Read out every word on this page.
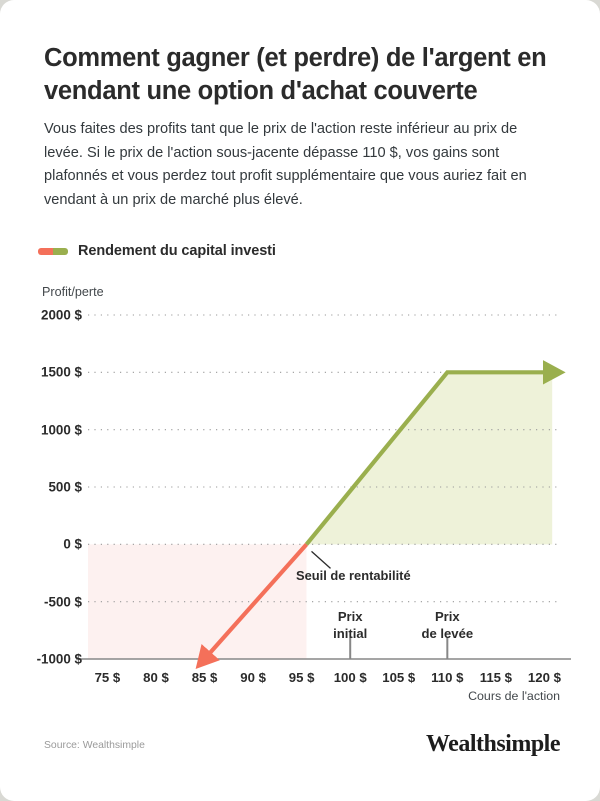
Comment gagner (et perdre) de l'argent en vendant une option d'achat couverte
Vous faites des profits tant que le prix de l'action reste inférieur au prix de levée. Si le prix de l'action sous-jacente dépasse 110 $, vos gains sont plafonnés et vous perdez tout profit supplémentaire que vous auriez fait en vendant à un prix de marché plus élevé.
Rendement du capital investi
Profit/perte
2000 $
1500 $
1000 $
500 $
0 $
-500 $
-1000 $
75 $	80 $	85 $	90 $	95 $	100 $	105 $	110 $	115 $	120 $
Cours de l'action
Seuil de rentabilité
Prix
initial
Prix
de levée
Source: Wealthsimple	Wealthsimple
